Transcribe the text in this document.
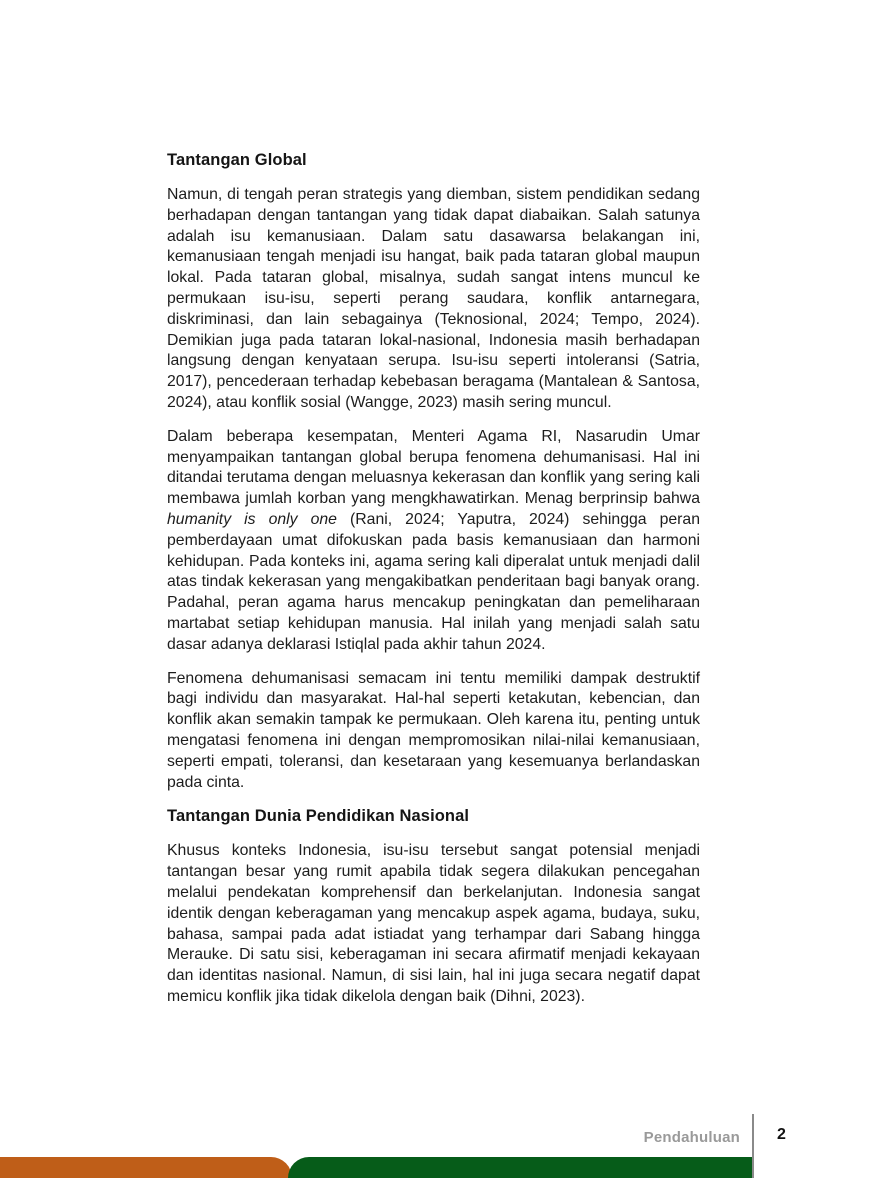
Tantangan Global

Namun, di tengah peran strategis yang diemban, sistem pendidikan sedang berhadapan dengan tantangan yang tidak dapat diabaikan. Salah satunya adalah isu kemanusiaan. Dalam satu dasawarsa belakangan ini, kemanusiaan tengah menjadi isu hangat, baik pada tataran global maupun lokal. Pada tataran global, misalnya, sudah sangat intens muncul ke permukaan isu-isu, seperti perang saudara, konflik antarnegara, diskriminasi, dan lain sebagainya (Teknosional, 2024; Tempo, 2024). Demikian juga pada tataran lokal-nasional, Indonesia masih berhadapan langsung dengan kenyataan serupa. Isu-isu seperti intoleransi (Satria, 2017), pencederaan terhadap kebebasan beragama (Mantalean & Santosa, 2024), atau konflik sosial (Wangge, 2023) masih sering muncul.

Dalam beberapa kesempatan, Menteri Agama RI, Nasarudin Umar menyampaikan tantangan global berupa fenomena dehumanisasi. Hal ini ditandai terutama dengan meluasnya kekerasan dan konflik yang sering kali membawa jumlah korban yang mengkhawatirkan. Menag berprinsip bahwa humanity is only one (Rani, 2024; Yaputra, 2024) sehingga peran pemberdayaan umat difokuskan pada basis kemanusiaan dan harmoni kehidupan. Pada konteks ini, agama sering kali diperalat untuk menjadi dalil atas tindak kekerasan yang mengakibatkan penderitaan bagi banyak orang. Padahal, peran agama harus mencakup peningkatan dan pemeliharaan martabat setiap kehidupan manusia. Hal inilah yang menjadi salah satu dasar adanya deklarasi Istiqlal pada akhir tahun 2024.

Fenomena dehumanisasi semacam ini tentu memiliki dampak destruktif bagi individu dan masyarakat. Hal-hal seperti ketakutan, kebencian, dan konflik akan semakin tampak ke permukaan. Oleh karena itu, penting untuk mengatasi fenomena ini dengan mempromosikan nilai-nilai kemanusiaan, seperti empati, toleransi, dan kesetaraan yang kesemuanya berlandaskan pada cinta.

Tantangan Dunia Pendidikan Nasional

Khusus konteks Indonesia, isu-isu tersebut sangat potensial menjadi tantangan besar yang rumit apabila tidak segera dilakukan pencegahan melalui pendekatan komprehensif dan berkelanjutan. Indonesia sangat identik dengan keberagaman yang mencakup aspek agama, budaya, suku, bahasa, sampai pada adat istiadat yang terhampar dari Sabang hingga Merauke. Di satu sisi, keberagaman ini secara afirmatif menjadi kekayaan dan identitas nasional. Namun, di sisi lain, hal ini juga secara negatif dapat memicu konflik jika tidak dikelola dengan baik (Dihni, 2023).

Pendahuluan 2
